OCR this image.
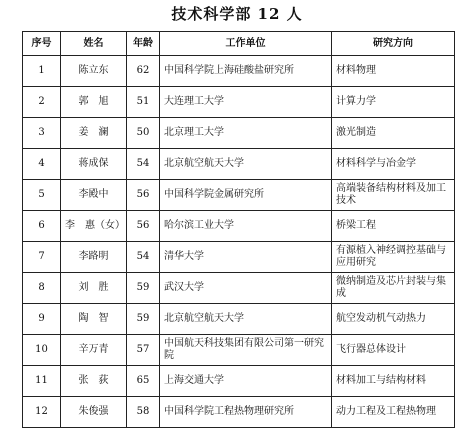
技术科学部 12 人
序号	姓名	年龄	工作单位	研究方向
1	陈立东	62	中国科学院上海硅酸盐研究所	材料物理
2	郭　旭	51	大连理工大学	计算力学
3	姜　澜	50	北京理工大学	激光制造
4	蒋成保	54	北京航空航天大学	材料科学与冶金学
5	李殿中	56	中国科学院金属研究所	高端装备结构材料及加工技术
6	李　惠（女）	56	哈尔滨工业大学	桥梁工程
7	李路明	54	清华大学	有源植入神经调控基础与应用研究
8	刘　胜	59	武汉大学	微纳制造及芯片封装与集成
9	陶　智	59	北京航空航天大学	航空发动机气动热力
10	辛万青	57	中国航天科技集团有限公司第一研究院	飞行器总体设计
11	张　荻	65	上海交通大学	材料加工与结构材料
12	朱俊强	58	中国科学院工程热物理研究所	动力工程及工程热物理
